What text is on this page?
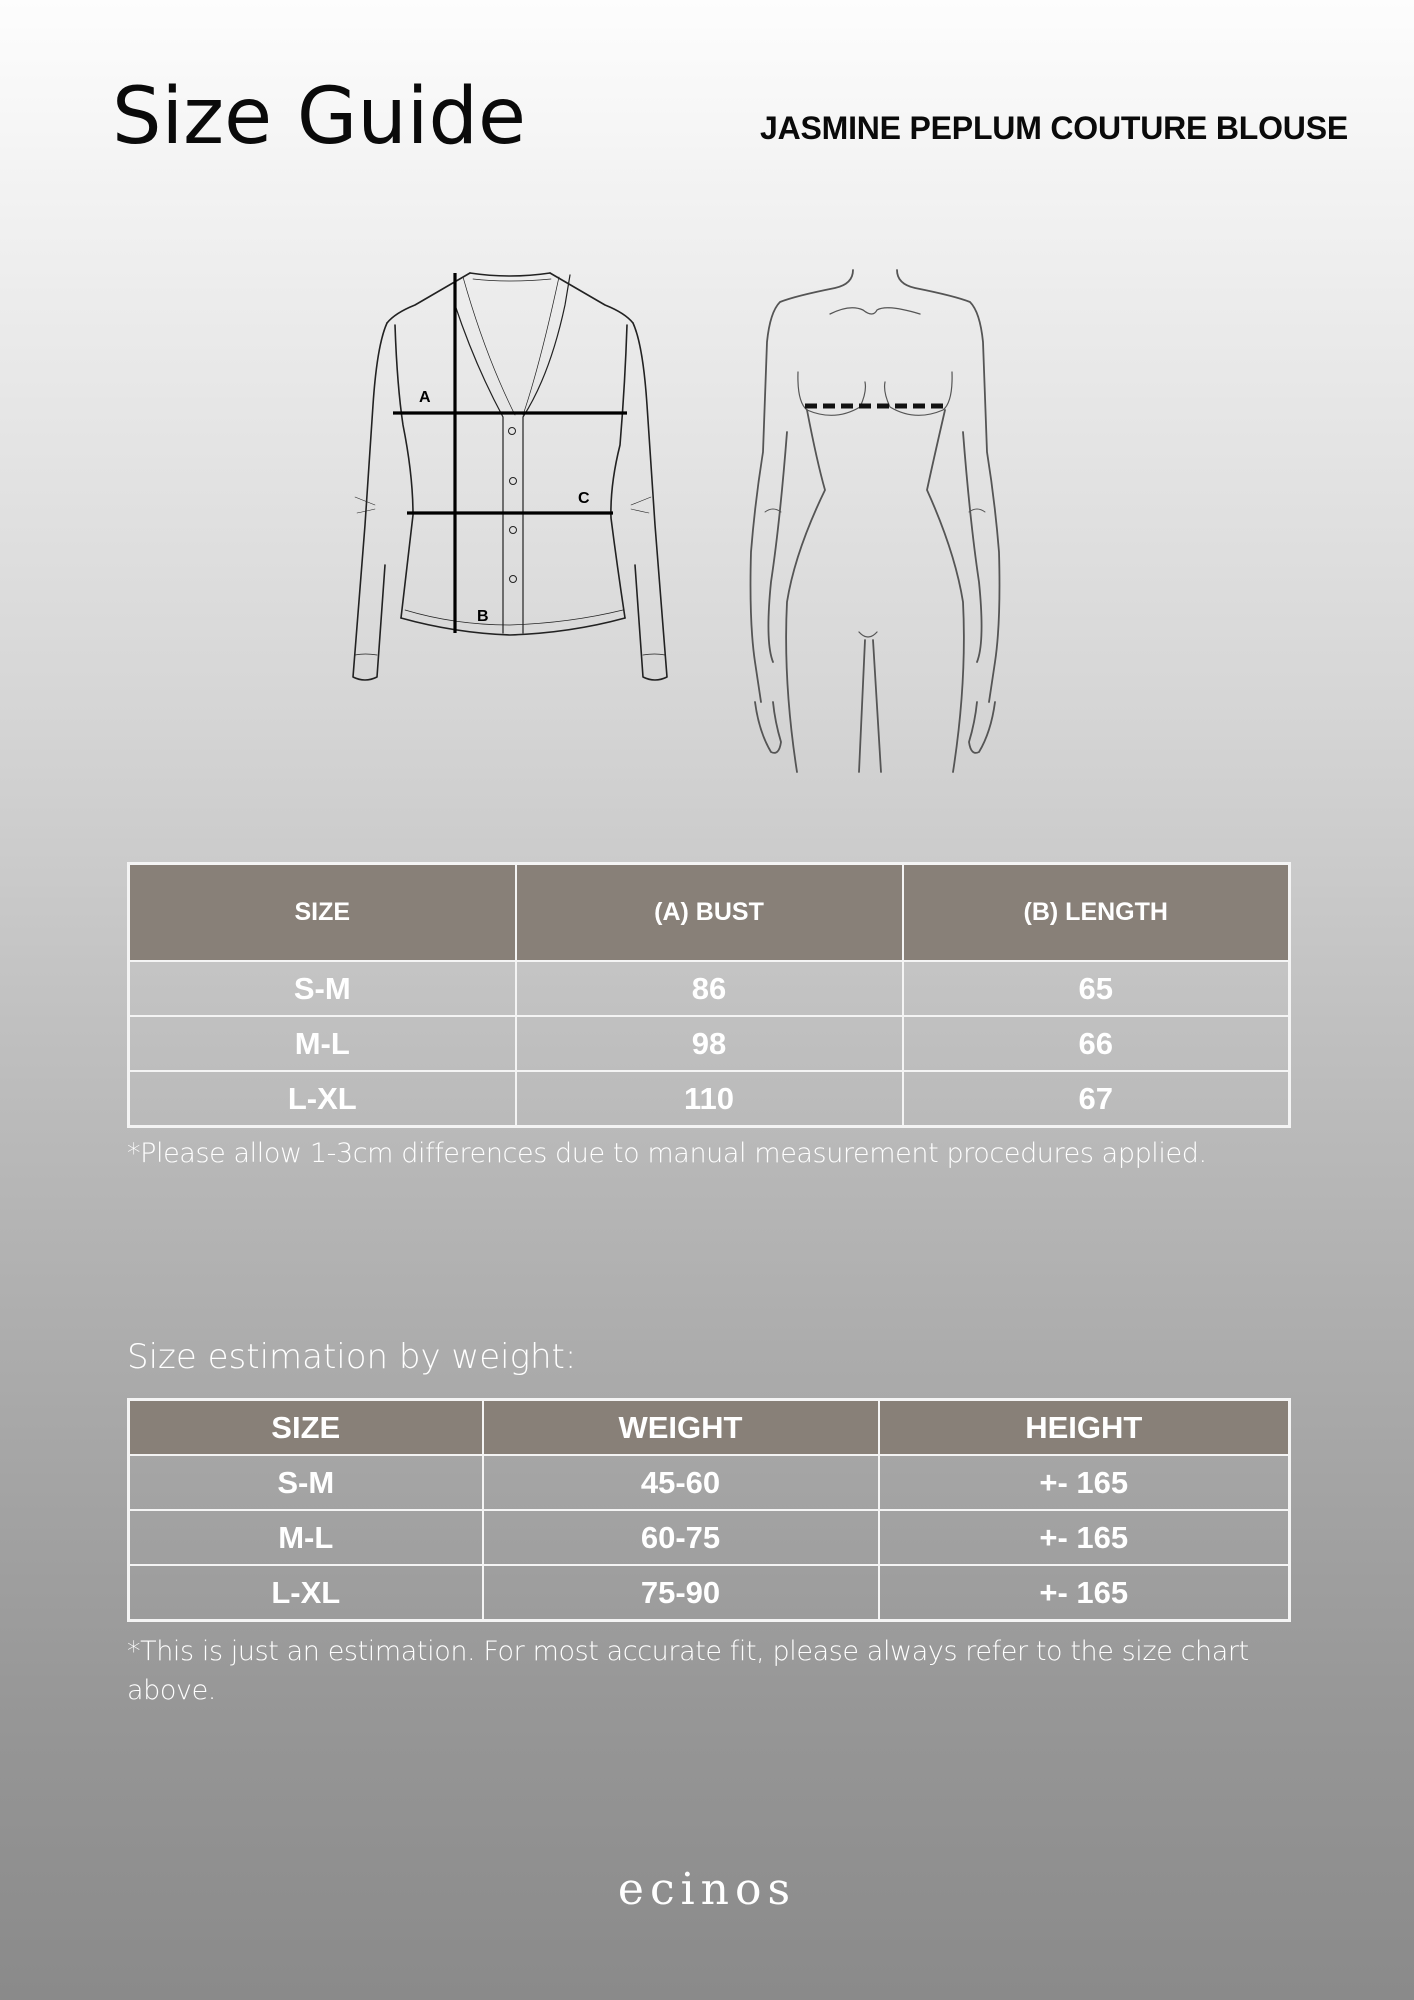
Size Guide	JASMINE PEPLUM COUTURE BLOUSE
A
B
C
SIZE	(A) BUST	(B) LENGTH
S-M	86	65
M-L	98	66
L-XL	110	67
*Please allow 1-3cm differences due to manual measurement procedures applied.
Size estimation by weight:
SIZE	WEIGHT	HEIGHT
S-M	45-60	+- 165
M-L	60-75	+- 165
L-XL	75-90	+- 165
*This is just an estimation. For most accurate fit, please always refer to the size chart above.
ecinos
